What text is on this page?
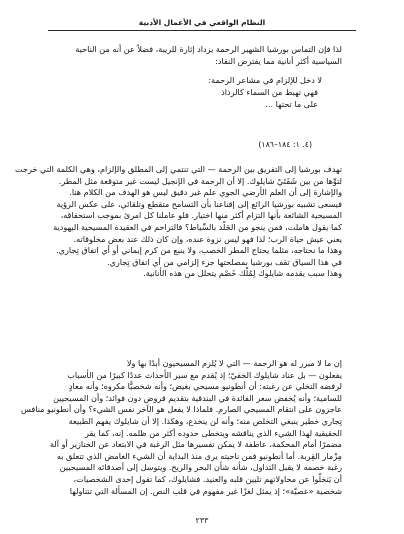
النظام الواقعي في الأعمال الأدبية
لذا فإن التماس بورشيا الشهير الرحمة يزداد إثارة للريبة، فضلاً عن أنه من الناحية
السياسية أكثر أنانية مما يفترض النقاد:
لا دخل للإلزام في مشاعر الرحمة:
فهي تهبط من السماء كالرذاذ
على ما تحتها ...
(٤. ١: ١٨٤–١٨٦)
تهدف بورشيا إلى التفريق بين الرحمة — التي تنتمي إلى المطلق والإلزام، وهي الكلمة التي خرجت
لتوِّها من بين شَفَتَيْ شايلوك. إلا أن الرحمة في الإنجيل ليست غير متوقعة مثل المطر.
والإشارة إلى أن العلم الأرضي الجوي علم غير دقيق ليس هو الهدف من الكلام هنا.
فيسعى تشبيه بورشيا الرائع إلى إقناعنا بأن التسامح متقطع وتلقائي، على عكس الرؤية
المسيحية الشائعة بأنها التزام أكثر منها اختيار. فلو عاملنا كل امرئ بموجب استحقاقه،
كما يقول هاملت، فمن ينجو من الجَلْد بالسِّياط؟ فالتراحم في العقيدة المسيحية اليهودية
يعني عيش حياة الرب؛ لذا فهو ليس نزوة عنده، وإن كان ذلك عند بعض مخلوقاته.
وهذا ما نحتاجه، مثلما يحتاج المطر الخصب، ولا ينبع من كرم إيماني أو أي اتفاق تِجاري.
في هذا السياق تقف بورشيا بمصلحتها جزء إلزامي من أي اتفاق تِجاري.
وهذا سبب يقدمه شايلوك لِمُلْك خَصْم يتحلل من هذه الأنانية.
إن ما لا مبرر له هو الرحمة — التي لا يُلزم المسيحيون أبدًا بها ولا
يفعلون — بل عناد شايلوك الخفيّ؛ إذ يُقدم مع سير الأحداث عددًا كبيرًا من الأسباب
لرفضه التخلي عن رغبته: أن أنطونيو مسيحي بغيض؛ وأنه شخصيًّا مكروه؛ وأنه معادٍ
للسامية؛ وأنه يُخفض سعر الفائدة في البندقية بتقديم قروض دون فوائد؛ وأن المسيحيين
عاجزون على انتقام المسيحي الصارم. فلماذا لا يفعل هو الآخر نفس الشيء؟ وأن أنطونيو منافس
تِجاري خطير ينبغي التخلص منه؛ وأنه لن ينخدع، وهكذا. إلا أن شايلوك يفهم الطبيعة
الحقيقية لهذا الشيء الذي يناقشه ويتخطى حدوده أكثر من ظلمه. إنه، كما يقر
مضمرًا أمام المحكمة، عاطفة لا يمكن تفسيرها مثل الرغبة في الابتعاد عن الخنازير أو آلة
مِزْمار القِربة. أما أنطونيو فمن ناحيته يرى منذ البداية أن الشيء الغامض الذي تتعلق به
رغبة خصمه لا يقبل التداول، شأنه شأن البحر والريح. ويتوسل إلى أصدقائه المسيحيين
أن يَتخلّوا عن محاولاتهم تليين قلبه والعنيد. فشايلوك، كما تقول إحدى الشخصيات،
شخصية «عصيّة»؛ إذ يمثل لغزًا غير مفهوم في قلب النص. إن المسألة التي تتناولها
٢٣٣
